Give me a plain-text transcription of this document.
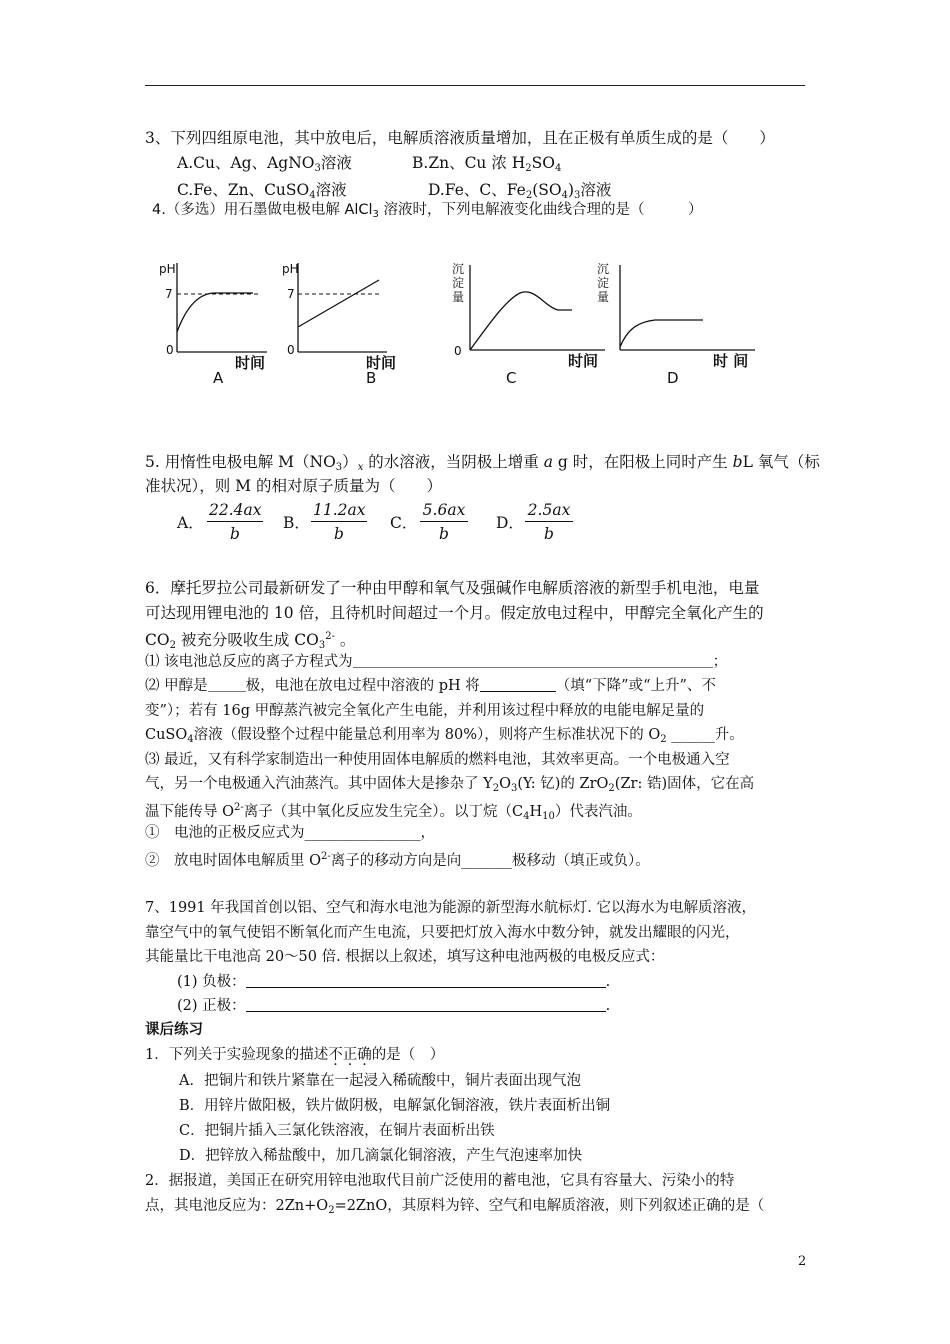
3、下列四组原电池，其中放电后，电解质溶液质量增加，且在正极有单质生成的是（　　）
A.Cu、Ag、AgNO$_3$溶液	B.Zn、Cu 浓 $H_2SO_4$
C.Fe、Zn、CuSO$_4$溶液	D.Fe、C、$Fe_2(SO_4)_3$溶液
4.（多选）用石墨做电极电解 AlCl$_3$ 溶液时，下列电解液变化曲线合理的是（　　　）
pH
7
0
时间
A
pH
7
0
时间
B
沉
淀
量
0
时间
C
沉
淀
量
时 间
D
5. 用惰性电极电解 $M(NO_3)_x$ 的水溶液，当阴极上增重 a g 时，在阳极上同时产生 bL 氧气（标
准状况），则 M 的相对原子质量为（　　）
A． $\frac{22.4ax}{b}$ B． $\frac{11.2ax}{b}$ C． $\frac{5.6ax}{b}$ D． $\frac{2.5ax}{b}$
6．摩托罗拉公司最新研发了一种由甲醇和氧气及强碱作电解质溶液的新型手机电池，电量
可达现用锂电池的 10 倍，且待机时间超过一个月。假定放电过程中，甲醇完全氧化产生的
$CO_2$ 被充分吸收生成 $CO_3^{2-}$ 。
⑴ 该电池总反应的离子方程式为	；
⑵ 甲醇是	极，电池在放电过程中溶液的 pH 将	（填“下降”或“上升”、不
变”）；若有 16g 甲醇蒸汽被完全氧化产生电能，并利用该过程中释放的电能电解足量的
CuSO$_4$溶液（假设整个过程中能量总利用率为 80%），则将产生标准状况下的 $O_2$ ______升。
⑶ 最近，又有科学家制造出一种使用固体电解质的燃料电池，其效率更高。一个电极通入空
气，另一个电极通入汽油蒸汽。其中固体大是掺杂了 $Y_2O_3(Y$: 钇)的 ZrO$_2$(Zr: 锆)固体，它在高
温下能传导 $O^{2-}$离子（其中氧化反应发生完全）。以丁烷$(C_4H_{10})$代表汽油。
①　电池的正极反应式为________________，
②　放电时固体电解质里 $O^{2-}$离子的移动方向是向_______极移动（填正或负）。
7、1991 年我国首创以铝、空气和海水电池为能源的新型海水航标灯. 它以海水为电解质溶液，
靠空气中的氧气使铝不断氧化而产生电流，只要把灯放入海水中数分钟，就发出耀眼的闪光，
其能量比干电池高 20～50 倍. 根据以上叙述，填写这种电池两极的电极反应式：
(1) 负极：	.
(2) 正极：	.
课后练习
1．下列关于实验现象的描述不正确的是（　）
A．把铜片和铁片紧靠在一起浸入稀硫酸中，铜片表面出现气泡
B．用锌片做阳极，铁片做阴极，电解氯化铜溶液，铁片表面析出铜
C．把铜片插入三氯化铁溶液，在铜片表面析出铁
D．把锌放入稀盐酸中，加几滴氯化铜溶液，产生气泡速率加快
2．据报道，美国正在研究用锌电池取代目前广泛使用的蓄电池，它具有容量大、污染小的特
点，其电池反应为：$2Zn+O_2=2ZnO$，其原料为锌、空气和电解质溶液，则下列叙述正确的是（
2
